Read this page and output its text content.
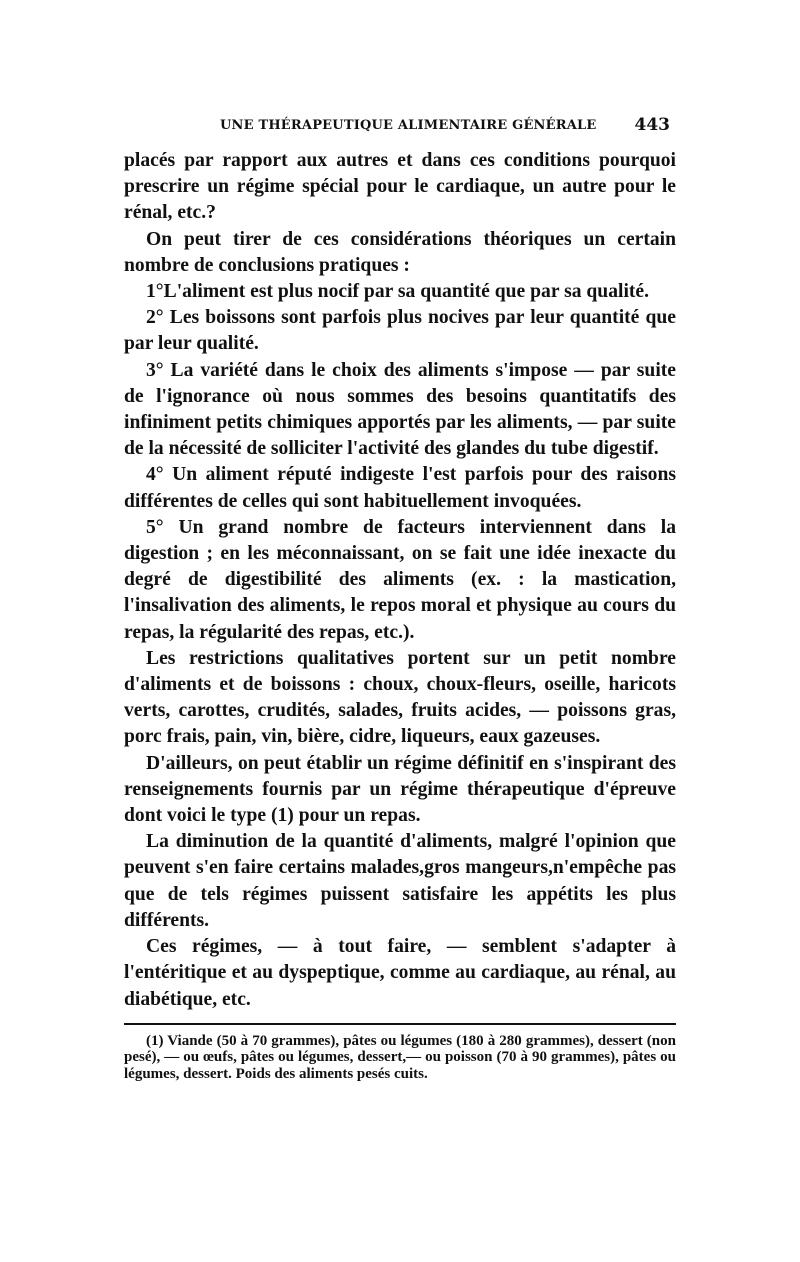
UNE THÉRAPEUTIQUE ALIMENTAIRE GÉNÉRALE 443

placés par rapport aux autres et dans ces conditions pourquoi prescrire un régime spécial pour le cardiaque, un autre pour le rénal, etc.?

On peut tirer de ces considérations théoriques un certain nombre de conclusions pratiques :

1°L'aliment est plus nocif par sa quantité que par sa qualité.

2° Les boissons sont parfois plus nocives par leur quantité que par leur qualité.

3° La variété dans le choix des aliments s'impose — par suite de l'ignorance où nous sommes des besoins quantitatifs des infiniment petits chimiques apportés par les aliments, — par suite de la nécessité de solliciter l'activité des glandes du tube digestif.

4° Un aliment réputé indigeste l'est parfois pour des raisons différentes de celles qui sont habituellement invoquées.

5° Un grand nombre de facteurs interviennent dans la digestion ; en les méconnaissant, on se fait une idée inexacte du degré de digestibilité des aliments (ex. : la mastication, l'insalivation des aliments, le repos moral et physique au cours du repas, la régularité des repas, etc.).

Les restrictions qualitatives portent sur un petit nombre d'aliments et de boissons : choux, choux-fleurs, oseille, haricots verts, carottes, crudités, salades, fruits acides, — poissons gras, porc frais, pain, vin, bière, cidre, liqueurs, eaux gazeuses.

D'ailleurs, on peut établir un régime définitif en s'inspirant des renseignements fournis par un régime thérapeutique d'épreuve dont voici le type (1) pour un repas.

La diminution de la quantité d'aliments, malgré l'opinion que peuvent s'en faire certains malades,gros mangeurs,n'empêche pas que de tels régimes puissent satisfaire les appétits les plus différents.

Ces régimes, — à tout faire, — semblent s'adapter à l'entéritique et au dyspeptique, comme au cardiaque, au rénal, au diabétique, etc.

(1) Viande (50 à 70 grammes), pâtes ou légumes (180 à 280 grammes), dessert (non pesé), — ou œufs, pâtes ou légumes, dessert,— ou poisson (70 à 90 grammes), pâtes ou légumes, dessert. Poids des aliments pesés cuits.
